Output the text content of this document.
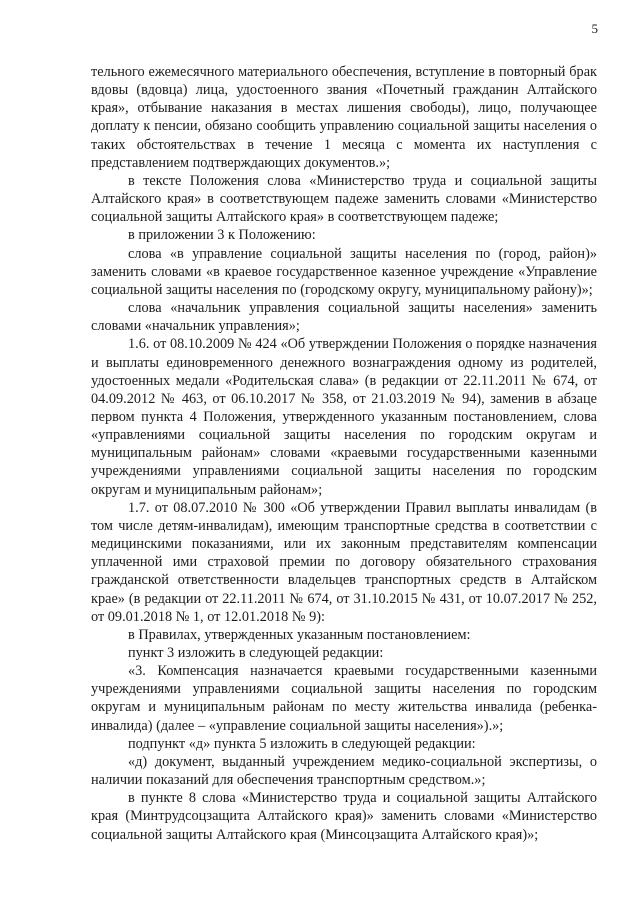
5

тельного ежемесячного материального обеспечения, вступление в повторный брак вдовы (вдовца) лица, удостоенного звания «Почетный гражданин Алтайского края», отбывание наказания в местах лишения свободы), лицо, получающее доплату к пенсии, обязано сообщить управлению социальной защиты населения о таких обстоятельствах в течение 1 месяца с момента их наступления с представлением подтверждающих документов.»;

в тексте Положения слова «Министерство труда и социальной защиты Алтайского края» в соответствующем падеже заменить словами «Министерство социальной защиты Алтайского края» в соответствующем падеже;

в приложении 3 к Положению:

слова «в управление социальной защиты населения по (город, район)» заменить словами «в краевое государственное казенное учреждение «Управление социальной защиты населения по (городскому округу, муниципальному району)»;

слова «начальник управления социальной защиты населения» заменить словами «начальник управления»;

1.6. от 08.10.2009 № 424 «Об утверждении Положения о порядке назначения и выплаты единовременного денежного вознаграждения одному из родителей, удостоенных медали «Родительская слава» (в редакции от 22.11.2011 № 674, от 04.09.2012 № 463, от 06.10.2017 № 358, от 21.03.2019 № 94), заменив в абзаце первом пункта 4 Положения, утвержденного указанным постановлением, слова «управлениями социальной защиты населения по городским округам и муниципальным районам» словами «краевыми государственными казенными учреждениями управлениями социальной защиты населения по городским округам и муниципальным районам»;

1.7. от 08.07.2010 № 300 «Об утверждении Правил выплаты инвалидам (в том числе детям-инвалидам), имеющим транспортные средства в соответствии с медицинскими показаниями, или их законным представителям компенсации уплаченной ими страховой премии по договору обязательного страхования гражданской ответственности владельцев транспортных средств в Алтайском крае» (в редакции от 22.11.2011 № 674, от 31.10.2015 № 431, от 10.07.2017 № 252, от 09.01.2018 № 1, от 12.01.2018 № 9):

в Правилах, утвержденных указанным постановлением:

пункт 3 изложить в следующей редакции:

«3. Компенсация назначается краевыми государственными казенными учреждениями управлениями социальной защиты населения по городским округам и муниципальным районам по месту жительства инвалида (ребенка-инвалида) (далее – «управление социальной защиты населения»).»;

подпункт «д» пункта 5 изложить в следующей редакции:

«д) документ, выданный учреждением медико-социальной экспертизы, о наличии показаний для обеспечения транспортным средством.»;

в пункте 8 слова «Министерство труда и социальной защиты Алтайского края (Минтрудсоцзащита Алтайского края)» заменить словами «Министерство социальной защиты Алтайского края (Минсоцзащита Алтайского края)»;
